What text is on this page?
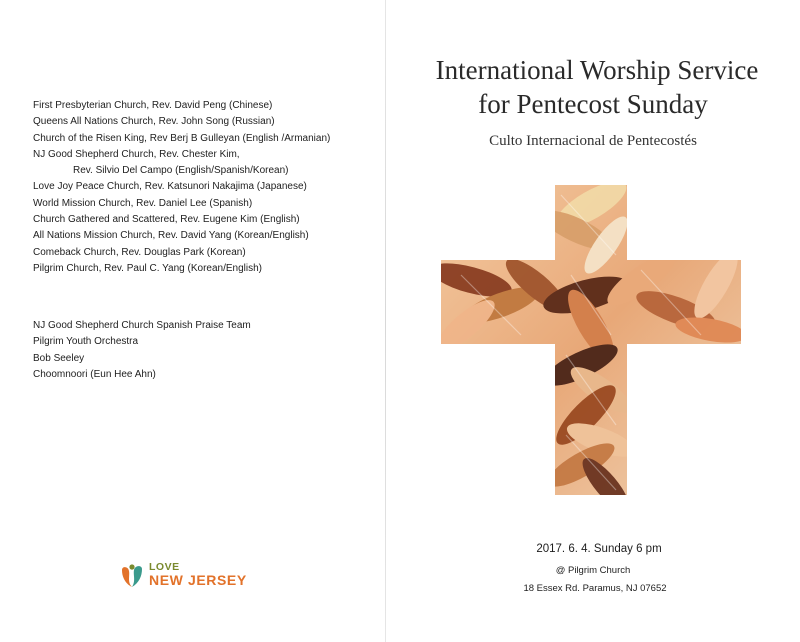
First Presbyterian Church, Rev. David Peng (Chinese)
Queens All Nations Church, Rev. John Song (Russian)
Church of the Risen King, Rev Berj B Gulleyan (English /Armanian)
NJ Good Shepherd Church, Rev. Chester Kim,
Rev. Silvio Del Campo (English/Spanish/Korean)
Love Joy Peace Church, Rev. Katsunori Nakajima (Japanese)
World Mission Church, Rev. Daniel Lee (Spanish)
Church Gathered and Scattered, Rev. Eugene Kim (English)
All Nations Mission Church, Rev. David Yang (Korean/English)
Comeback Church, Rev. Douglas Park (Korean)
Pilgrim Church, Rev. Paul C. Yang (Korean/English)
NJ Good Shepherd Church Spanish Praise Team
Pilgrim Youth Orchestra
Bob Seeley
Choomnoori (Eun Hee Ahn)
LOVE
NEW JERSEY
International Worship Service
for Pentecost Sunday
Culto Internacional de Pentecostés
2017. 6. 4. Sunday 6 pm
@ Pilgrim Church
18 Essex Rd. Paramus, NJ 07652
